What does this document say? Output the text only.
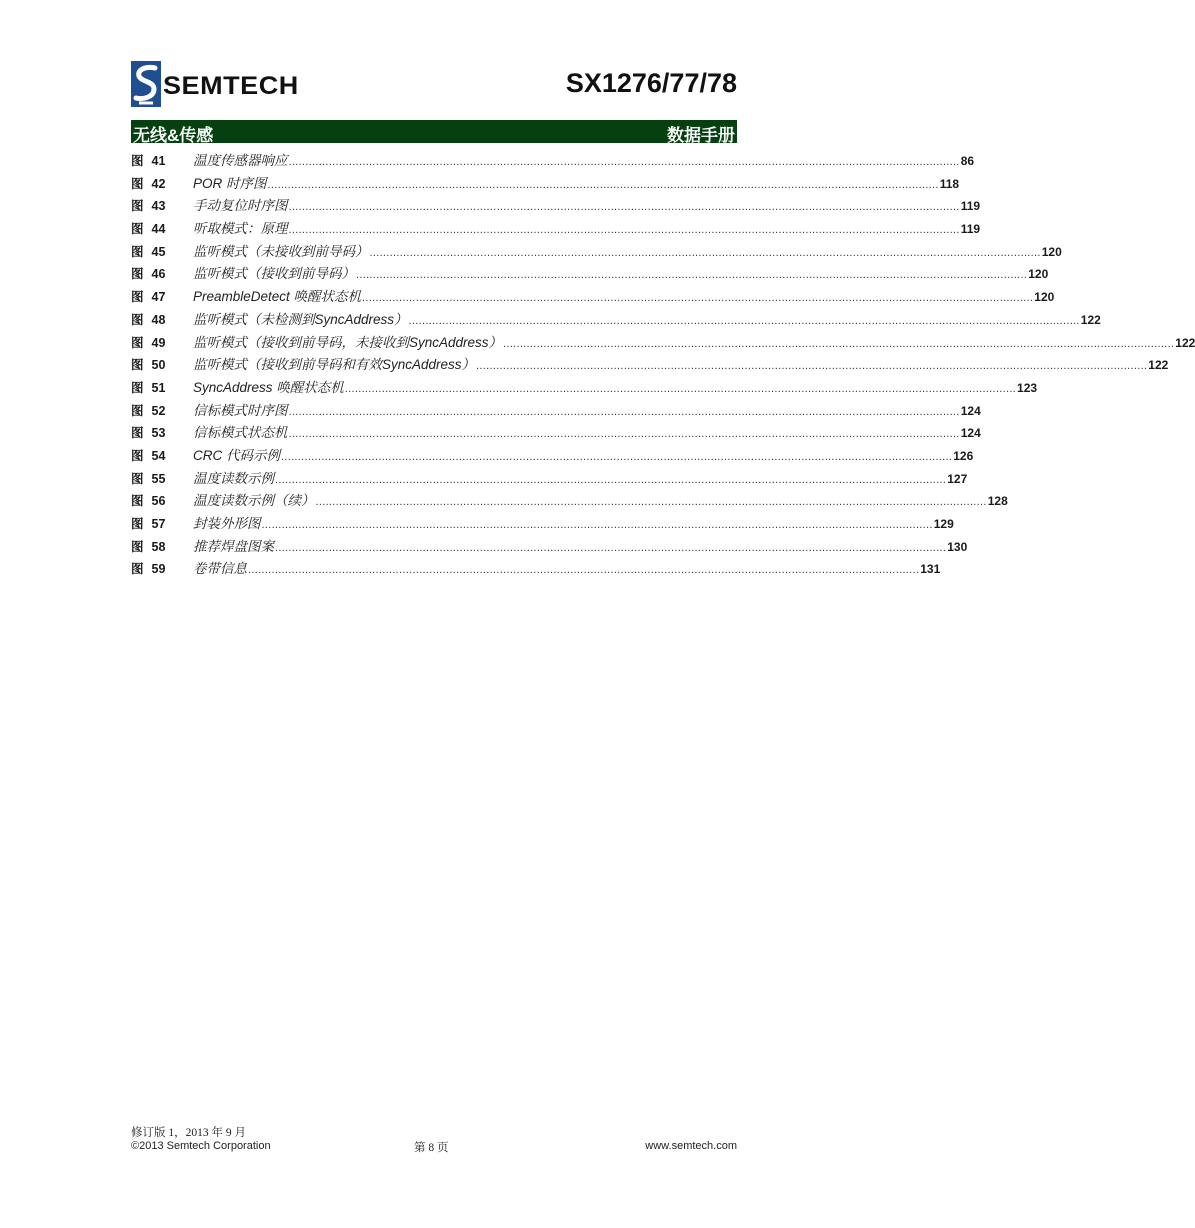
SEMTECH	SX1276/77/78
无线&传感	数据手册
图 41	温度传感器响应 ........................................................................................................................................................................................................ 86
图 42	POR 时序图 ........................................................................................................................................................................................................ 118
图 43	手动复位时序图 ........................................................................................................................................................................................................ 119
图 44	听取模式：原理 ........................................................................................................................................................................................................ 119
图 45	监听模式（未接收到前导码） ........................................................................................................................................................................................................ 120
图 46	监听模式（接收到前导码） ........................................................................................................................................................................................................ 120
图 47	PreambleDetect 唤醒状态机 ........................................................................................................................................................................................................ 120
图 48	监听模式（未检测到SyncAddress） ........................................................................................................................................................................................................ 122
图 49	监听模式（接收到前导码，未接收到SyncAddress） ........................................................................................................................................................................................................ 122
图 50	监听模式（接收到前导码和有效SyncAddress） ........................................................................................................................................................................................................ 122
图 51	SyncAddress 唤醒状态机 ........................................................................................................................................................................................................ 123
图 52	信标模式时序图 ........................................................................................................................................................................................................ 124
图 53	信标模式状态机 ........................................................................................................................................................................................................ 124
图 54	CRC 代码示例 ........................................................................................................................................................................................................ 126
图 55	温度读数示例 ........................................................................................................................................................................................................ 127
图 56	温度读数示例（续） ........................................................................................................................................................................................................ 128
图 57	封装外形图 ........................................................................................................................................................................................................ 129
图 58	推荐焊盘图案 ........................................................................................................................................................................................................ 130
图 59	卷带信息 ........................................................................................................................................................................................................ 131
修订版 1，2013 年 9 月
©2013 Semtech Corporation	第 8 页	www.semtech.com
